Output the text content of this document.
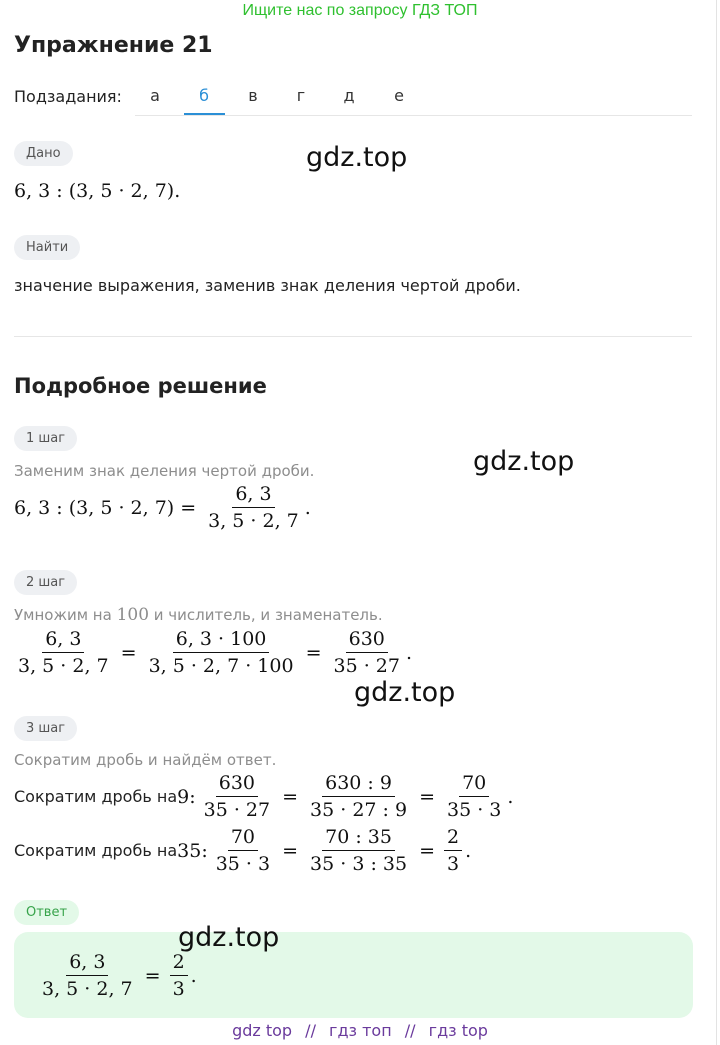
Ищите нас по запросу ГДЗ ТОП
Упражнение 21
Подзадания:	а	б	в	г	д	е
Дано	gdz.top
6, 3 : (3, 5 · 2, 7).
Найти
значение выражения, заменив знак деления чертой дроби.
Подробное решение
1 шаг
gdz.top
Заменим знак деления чертой дроби.
6, 3 : (3, 5 · 2, $7) = \frac{6, 3}{3, 5 \cdot 2, 7}$ .
2 шаг
Умножим на 100 и числитель, и знаменатель.
$\frac{6, 3}{3, 5 \cdot 2, 7} = \frac{6, 3 \cdot 100}{3, 5 \cdot 2, 7 \cdot 100} = \frac{630}{35 \cdot 27}$ .
gdz.top
3 шаг
Сократим дробь и найдём ответ.
Сократим дробь на 9 : $\frac{630}{35 \cdot 27} = \frac{630 : 9}{35 \cdot 27 : 9} = \frac{70}{35 \cdot 3}$ .
Сократим дробь на 35 : $\frac{70}{35 \cdot 3} = \frac{70 : 35}{35 \cdot 3 : 35} = \frac{2}{3}$ .
Ответ
gdz.top
$\frac{6, 3}{3, 5 \cdot 2, 7} = \frac{2}{3}$ .
gdz top // гдз топ // гдз top
